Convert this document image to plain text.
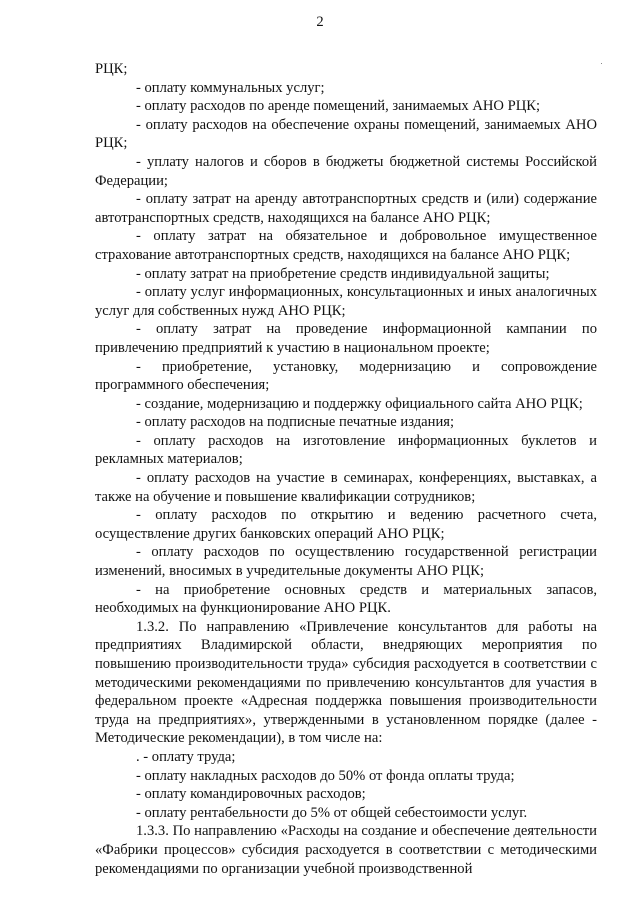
2

РЦК;

- оплату коммунальных услуг;

- оплату расходов по аренде помещений, занимаемых АНО РЦК;

- оплату расходов на обеспечение охраны помещений, занимаемых АНО РЦК;

- уплату налогов и сборов в бюджеты бюджетной системы Российской Федерации;

- оплату затрат на аренду автотранспортных средств и (или) содержание автотранспортных средств, находящихся на балансе АНО РЦК;

- оплату затрат на обязательное и добровольное имущественное страхование автотранспортных средств, находящихся на балансе АНО РЦК;

- оплату затрат на приобретение средств индивидуальной защиты;

- оплату услуг информационных, консультационных и иных аналогичных услуг для собственных нужд АНО РЦК;

- оплату затрат на проведение информационной кампании по привлечению предприятий к участию в национальном проекте;

- приобретение, установку, модернизацию и сопровождение программного обеспечения;

- создание, модернизацию и поддержку официального сайта АНО РЦК;

- оплату расходов на подписные печатные издания;

- оплату расходов на изготовление информационных буклетов и рекламных материалов;

- оплату расходов на участие в семинарах, конференциях, выставках, а также на обучение и повышение квалификации сотрудников;

- оплату расходов по открытию и ведению расчетного счета, осуществление других банковских операций АНО РЦК;

- оплату расходов по осуществлению государственной регистрации изменений, вносимых в учредительные документы АНО РЦК;

- на приобретение основных средств и материальных запасов, необходимых на функционирование АНО РЦК.

1.3.2. По направлению «Привлечение консультантов для работы на предприятиях Владимирской области, внедряющих мероприятия по повышению производительности труда» субсидия расходуется в соответствии с методическими рекомендациями по привлечению консультантов для участия в федеральном проекте «Адресная поддержка повышения производительности труда на предприятиях», утвержденными в установленном порядке (далее - Методические рекомендации), в том числе на:

. - оплату труда;

- оплату накладных расходов до 50% от фонда оплаты труда;

- оплату командировочных расходов;

- оплату рентабельности до 5% от общей себестоимости услуг.

1.3.3. По направлению «Расходы на создание и обеспечение деятельности «Фабрики процессов» субсидия расходуется в соответствии с методическими рекомендациями по организации учебной производственной
